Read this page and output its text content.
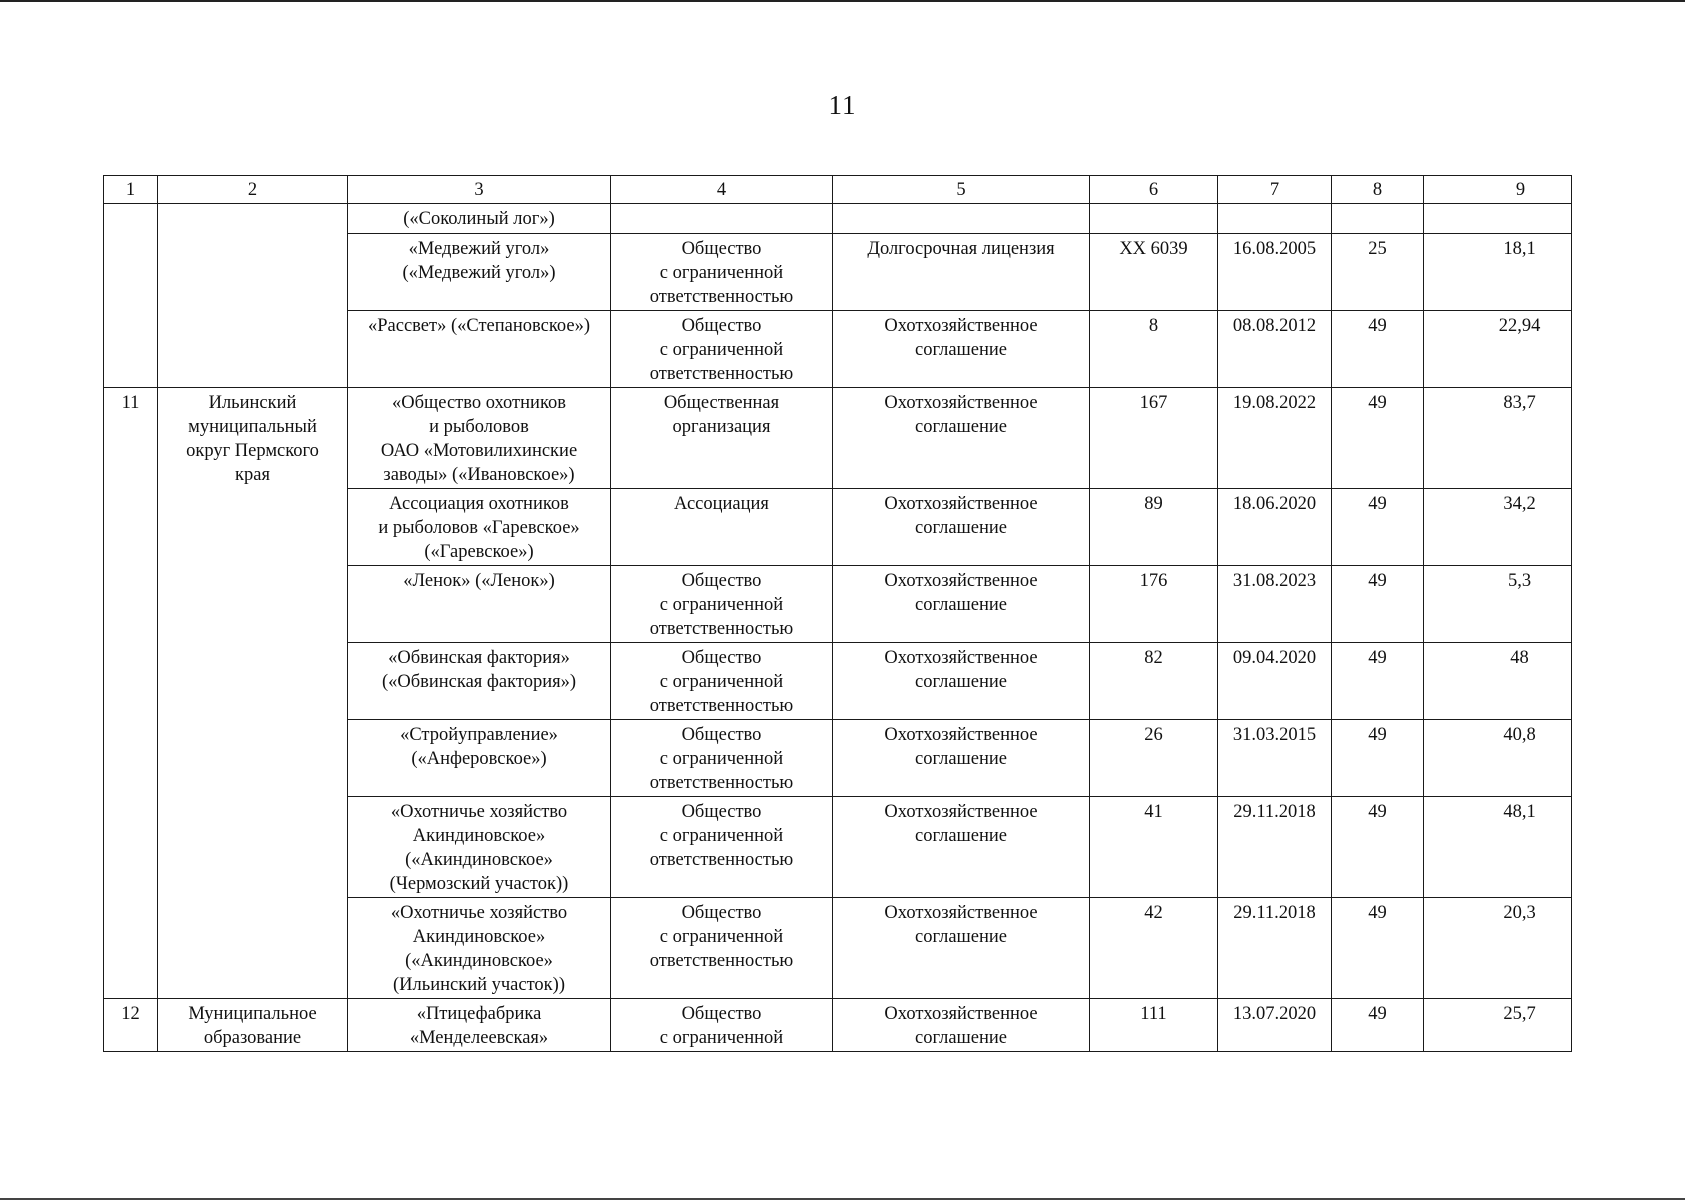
11
1	2	3	4	5	6	7	8	9

		(«Соколиный лог»)						

		«Медвежий угол»
(«Медвежий угол»)	Общество
с ограниченной
ответственностью	Долгосрочная лицензия	ХХ 6039	16.08.2005	25	18,1

		«Рассвет» («Степановское»)	Общество
с ограниченной
ответственностью	Охотхозяйственное
соглашение	8	08.08.2012	49	22,94
11	Ильинский
муниципальный
округ Пермского
края	«Общество охотников
и рыболовов
ОАО «Мотовилихинские
заводы» («Ивановское»)	Общественная
организация	Охотхозяйственное
соглашение	167	19.08.2022	49	83,7

		Ассоциация охотников
и рыболовов «Гаревское»
(«Гаревское»)	Ассоциация	Охотхозяйственное
соглашение	89	18.06.2020	49	34,2

		«Ленок» («Ленок»)	Общество
с ограниченной
ответственностью	Охотхозяйственное
соглашение	176	31.08.2023	49	5,3

		«Обвинская фактория»
(«Обвинская фактория»)	Общество
с ограниченной
ответственностью	Охотхозяйственное
соглашение	82	09.04.2020	49	48

		«Стройуправление»
(«Анферовское»)	Общество
с ограниченной
ответственностью	Охотхозяйственное
соглашение	26	31.03.2015	49	40,8

		«Охотничье хозяйство
Акиндиновское»
(«Акиндиновское»
(Чермозский участок))	Общество
с ограниченной
ответственностью	Охотхозяйственное
соглашение	41	29.11.2018	49	48,1

		«Охотничье хозяйство
Акиндиновское»
(«Акиндиновское»
(Ильинский участок))	Общество
с ограниченной
ответственностью	Охотхозяйственное
соглашение	42	29.11.2018	49	20,3
12	Муниципальное
образование	«Птицефабрика
«Менделеевская»	Общество
с ограниченной	Охотхозяйственное
соглашение	111	13.07.2020	49	25,7
